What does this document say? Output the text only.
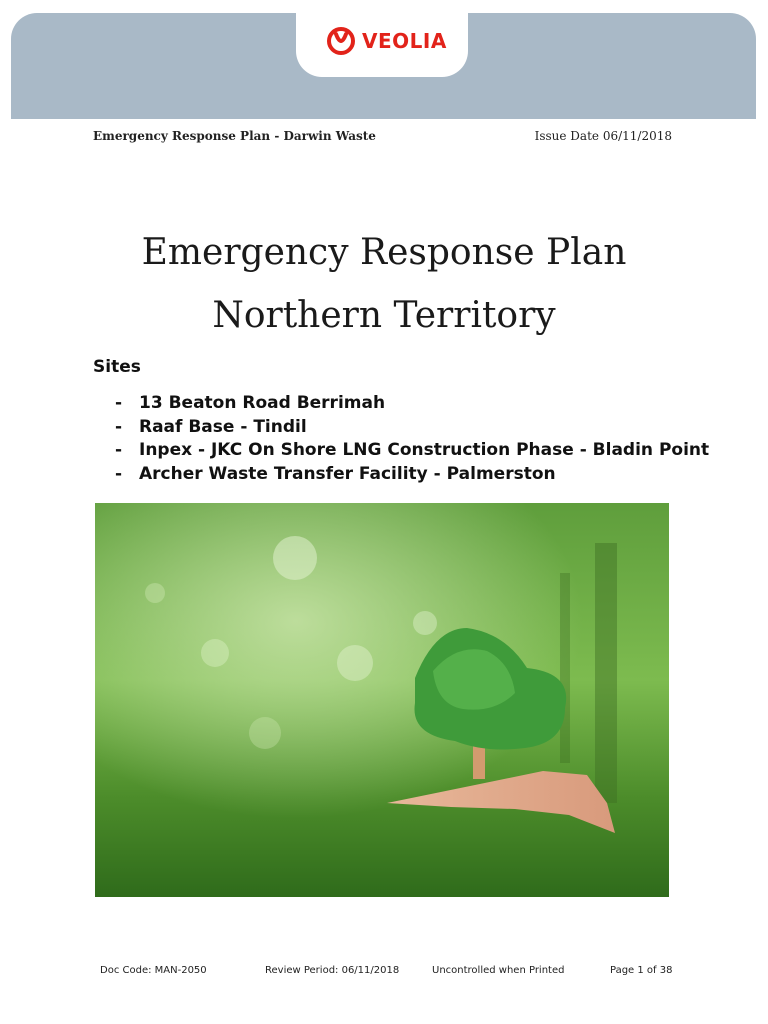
VEOLIA
Emergency Response Plan - Darwin Waste	Issue Date 06/11/2018
Emergency Response Plan
Northern Territory
Sites
- 13 Beaton Road Berrimah
- Raaf Base - Tindil
- Inpex - JKC On Shore LNG Construction Phase - Bladin Point
- Archer Waste Transfer Facility - Palmerston
Doc Code: MAN-2050	Review Period: 06/11/2018	Uncontrolled when Printed	Page 1 of 38
